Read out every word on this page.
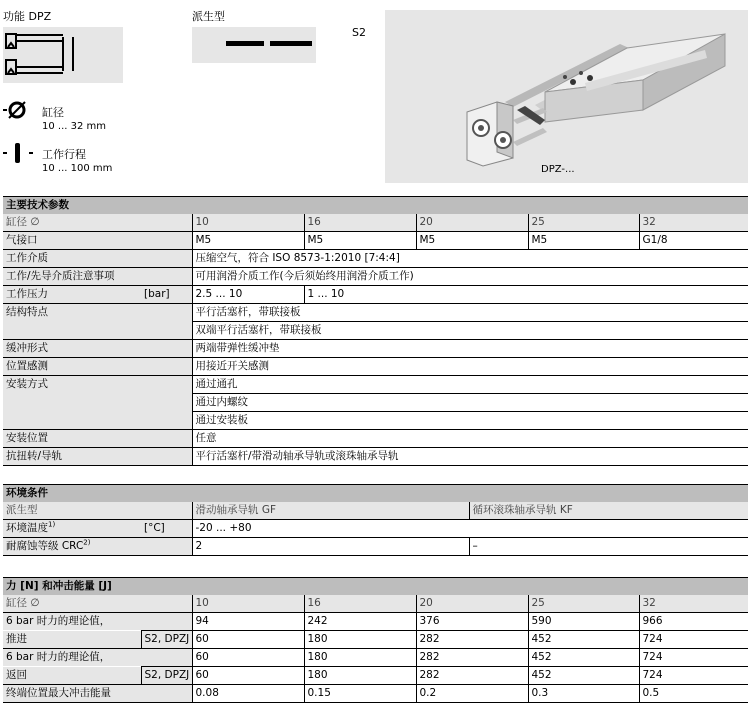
功能 DPZ	派生型
S2
缸径
10 ... 32 mm
工作行程
10 ... 100 mm	DPZ-...
主要技术参数						
缸径 ∅		10	16	20	25	32
气接口		M5	M5	M5	M5	G1/8
工作介质		压缩空气，符合 ISO 8573-1:2010 [7:4:4]				
工作/先导介质注意事项		可用润滑介质工作(今后须始终用润滑介质工作)				
工作压力	[bar]	2.5 ... 10	1 ... 10			
结构特点		平行活塞杆，带联接板				
		双端平行活塞杆，带联接板				
缓冲形式		两端带弹性缓冲垫				
位置感测		用接近开关感测				
安装方式		通过通孔				
		通过内螺纹				
		通过安装板				
安装位置		任意				
抗扭转/导轨		平行活塞杆/带滑动轴承导轨或滚珠轴承导轨				
环境条件			
派生型		滑动轴承导轨 GF	循环滚珠轴承导轨 KF
环境温度$^{1)}$	[°C]	-20 ... +80	
耐腐蚀等级 CRC$^{2)}$		2	–
力 [N] 和冲击能量 [J]						
缸径 ∅		10	16	20	25	32
6 bar 时力的理论值，		94	242	376	590	966
推进	S2, DPZJ	60	180	282	452	724
6 bar 时力的理论值，		60	180	282	452	724
返回	S2, DPZJ	60	180	282	452	724
终端位置最大冲击能量		0.08	0.15	0.2	0.3	0.5
